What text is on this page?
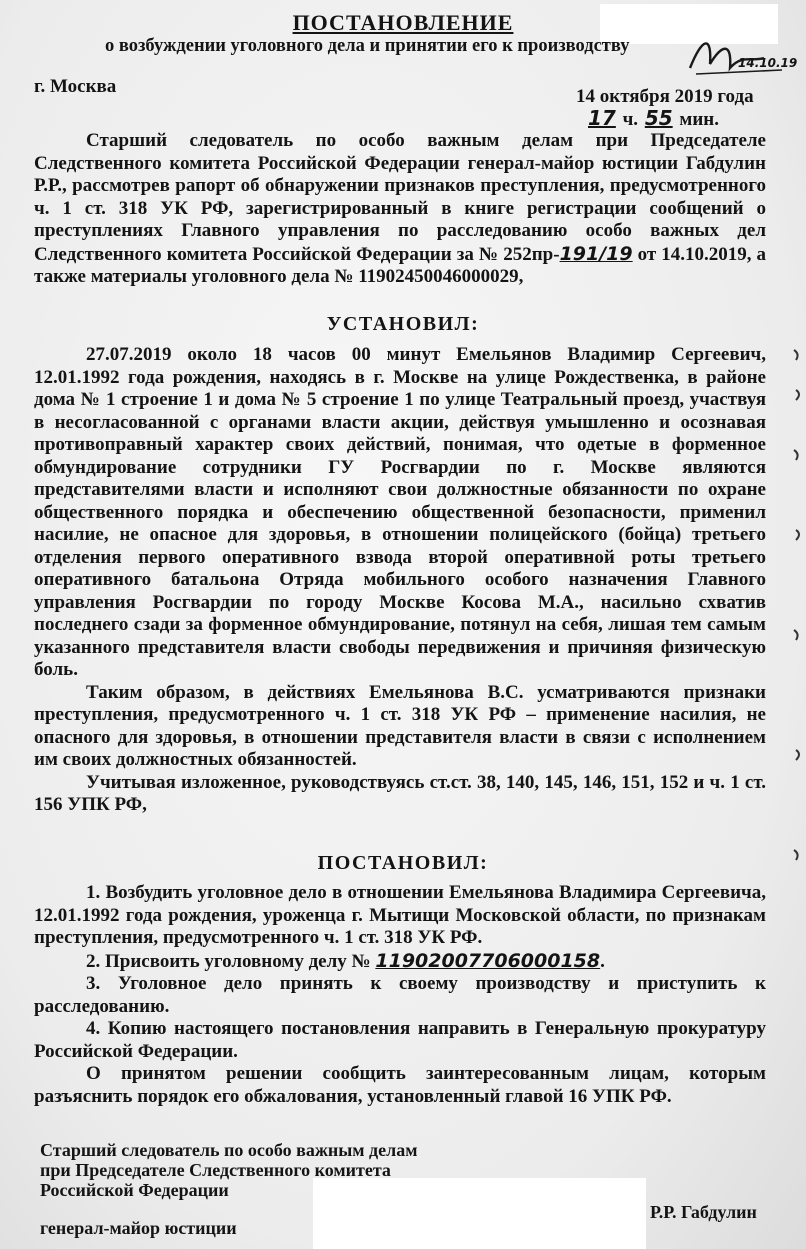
ПОСТАНОВЛЕНИЕ
о возбуждении уголовного дела и принятии его к производству
14.10.19
г. Москва	14 октября 2019 года
17 ч. 55 мин.

Старший следователь по особо важным делам при Председателе Следственного комитета Российской Федерации генерал-майор юстиции Габдулин Р.Р., рассмотрев рапорт об обнаружении признаков преступления, предусмотренного ч. 1 ст. 318 УК РФ, зарегистрированный в книге регистрации сообщений о преступлениях Главного управления по расследованию особо важных дел Следственного комитета Российской Федерации за № 252пр-191/19 от 14.10.2019, а также материалы уголовного дела № 11902450046000029,

УСТАНОВИЛ:

27.07.2019 около 18 часов 00 минут Емельянов Владимир Сергеевич, 12.01.1992 года рождения, находясь в г. Москве на улице Рождественка, в районе дома № 1 строение 1 и дома № 5 строение 1 по улице Театральный проезд, участвуя в несогласованной с органами власти акции, действуя умышленно и осознавая противоправный характер своих действий, понимая, что одетые в форменное обмундирование сотрудники ГУ Росгвардии по г. Москве являются представителями власти и исполняют свои должностные обязанности по охране общественного порядка и обеспечению общественной безопасности, применил насилие, не опасное для здоровья, в отношении полицейского (бойца) третьего отделения первого оперативного взвода второй оперативной роты третьего оперативного батальона Отряда мобильного особого назначения Главного управления Росгвардии по городу Москве Косова М.А., насильно схватив последнего сзади за форменное обмундирование, потянул на себя, лишая тем самым указанного представителя власти свободы передвижения и причиняя физическую боль.

Таким образом, в действиях Емельянова В.С. усматриваются признаки преступления, предусмотренного ч. 1 ст. 318 УК РФ – применение насилия, не опасного для здоровья, в отношении представителя власти в связи с исполнением им своих должностных обязанностей.

Учитывая изложенное, руководствуясь ст.ст. 38, 140, 145, 146, 151, 152 и ч. 1 ст. 156 УПК РФ,

ПОСТАНОВИЛ:

1. Возбудить уголовное дело в отношении Емельянова Владимира Сергеевича, 12.01.1992 года рождения, уроженца г. Мытищи Московской области, по признакам преступления, предусмотренного ч. 1 ст. 318 УК РФ.

2. Присвоить уголовному делу № 11902007706000158.

3. Уголовное дело принять к своему производству и приступить к расследованию.

4. Копию настоящего постановления направить в Генеральную прокуратуру Российской Федерации.

О принятом решении сообщить заинтересованным лицам, которым разъяснить порядок его обжалования, установленный главой 16 УПК РФ.

Старший следователь по особо важным делам
при Председателе Следственного комитета
Российской Федерации
генерал-майор юстиции
Р.Р. Габдулин
